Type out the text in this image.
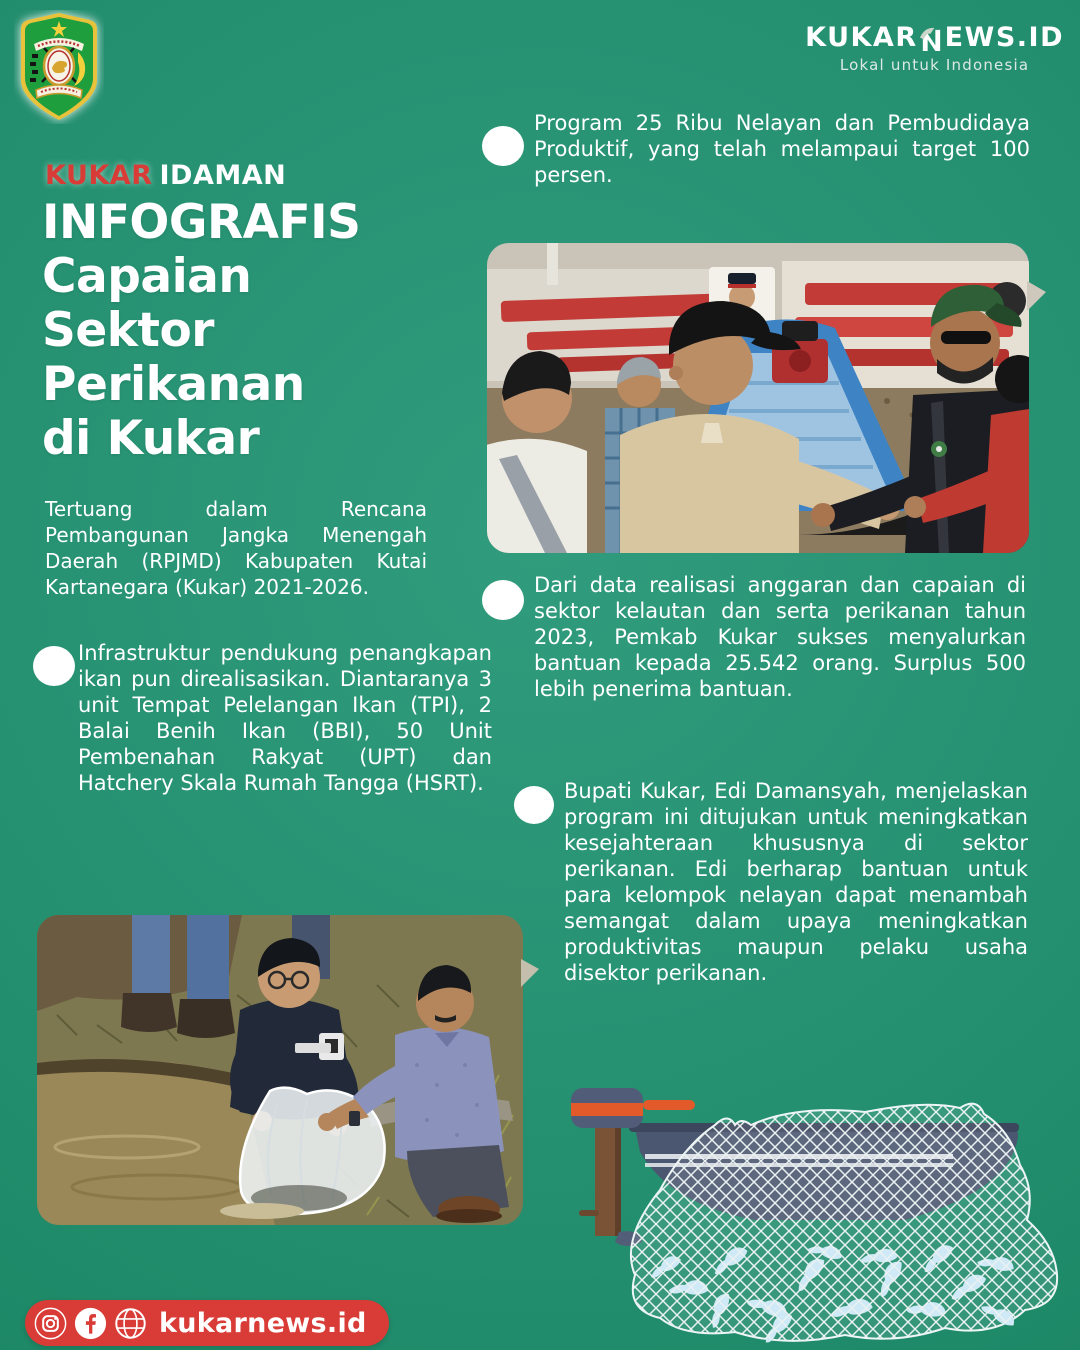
KUKAR EWS.ID
Lokal untuk Indonesia
KUKAR IDAMAN
INFOGRAFIS
Capaian
Sektor
Perikanan
di Kukar
Tertuang dalam Rencana Pembangunan Jangka Menengah Daerah (RPJMD) Kabupaten Kutai Kartanegara (Kukar) 2021-2026.
Infrastruktur pendukung penangkapan ikan pun direalisasikan. Diantaranya 3 unit Tempat Pelelangan Ikan (TPI), 2 Balai Benih Ikan (BBI), 50 Unit Pembenahan Rakyat (UPT) dan Hatchery Skala Rumah Tangga (HSRT).
Program 25 Ribu Nelayan dan Pembudidaya Produktif, yang telah melampaui target 100 persen.
Dari data realisasi anggaran dan capaian di sektor kelautan dan serta perikanan tahun 2023, Pemkab Kukar sukses menyalurkan bantuan kepada 25.542 orang. Surplus 500 lebih penerima bantuan.
Bupati Kukar, Edi Damansyah, menjelaskan program ini ditujukan untuk meningkatkan kesejahteraan khususnya di sektor perikanan. Edi berharap bantuan untuk para kelompok nelayan dapat menambah semangat dalam upaya meningkatkan produktivitas maupun pelaku usaha disektor perikanan.
kukarnews.id
